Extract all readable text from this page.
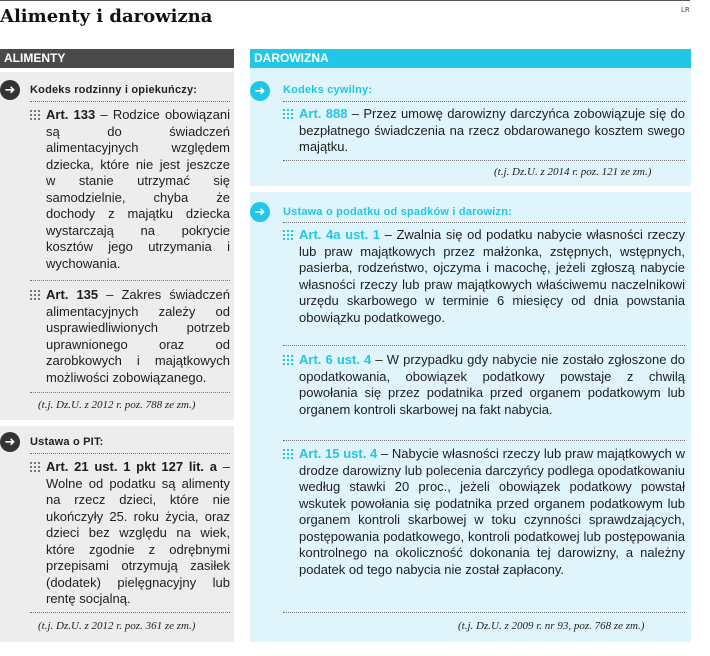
LR
Alimenty i darowizna
ALIMENTY	DAROWIZNA
➜	Kodeks rodzinny i opiekuńczy:
Art. 133 – Rodzice obowiązani są do świadczeń alimentacyjnych względem dziecka, które nie jest jeszcze w stanie utrzymać się samodzielnie, chyba że dochody z majątku dziecka wystarczają na pokrycie kosztów jego utrzymania i wychowania.
Art. 135 – Zakres świadczeń alimentacyjnych zależy od usprawiedliwionych potrzeb uprawnionego oraz od zarobkowych i majątkowych możliwości zobowiązanego.
(t.j. Dz.U. z 2012 r. poz. 788 ze zm.)
➜	Ustawa o PIT:
Art. 21 ust. 1 pkt 127 lit. a – Wolne od podatku są alimenty na rzecz dzieci, które nie ukończyły 25. roku życia, oraz dzieci bez względu na wiek, które zgodnie z odrębnymi przepisami otrzymują zasiłek (dodatek) pielęgnacyjny lub rentę socjalną.
(t.j. Dz.U. z 2012 r. poz. 361 ze zm.)
➜	Kodeks cywilny:
Art. 888 – Przez umowę darowizny darczyńca zobowiązuje się do bezpłatnego świadczenia na rzecz obdarowanego kosztem swego majątku.
(t.j. Dz.U. z 2014 r. poz. 121 ze zm.)
➜	Ustawa o podatku od spadków i darowizn:
Art. 4a ust. 1 – Zwalnia się od podatku nabycie własności rzeczy lub praw majątkowych przez małżonka, zstępnych, wstępnych, pasierba, rodzeństwo, ojczyma i macochę, jeżeli zgłoszą nabycie własności rzeczy lub praw majątkowych właściwemu naczelnikowi urzędu skarbowego w terminie 6 miesięcy od dnia powstania obowiązku podatkowego.
Art. 6 ust. 4 – W przypadku gdy nabycie nie zostało zgłoszone do opodatkowania, obowiązek podatkowy powstaje z chwilą powołania się przez podatnika przed organem podatkowym lub organem kontroli skarbowej na fakt nabycia.
Art. 15 ust. 4 – Nabycie własności rzeczy lub praw majątkowych w drodze darowizny lub polecenia darczyńcy podlega opodatkowaniu według stawki 20 proc., jeżeli obowiązek podatkowy powstał wskutek powołania się podatnika przed organem podatkowym lub organem kontroli skarbowej w toku czynności sprawdzających, postępowania podatkowego, kontroli podatkowej lub postępowania kontrolnego na okoliczność dokonania tej darowizny, a należny podatek od tego nabycia nie został zapłacony.
(t.j. Dz.U. z 2009 r. nr 93, poz. 768 ze zm.)
